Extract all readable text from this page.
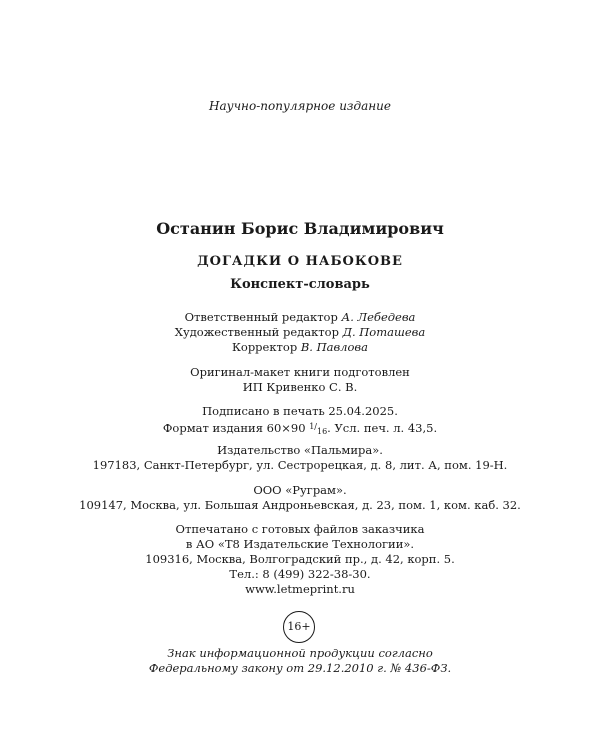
Научно-популярное издание
Останин Борис Владимирович
ДОГАДКИ О НАБОКОВЕ
Конспект-словарь
Ответственный редактор А. Лебедева
Художественный редактор Д. Поташева
Корректор В. Павлова
Оригинал-макет книги подготовлен
ИП Кривенко С. В.
Подписано в печать 25.04.2025.
Формат издания 60×90 $^{1/}$16. Усл. печ. л. 43,5.
Издательство «Пальмира».
197183, Санкт-Петербург, ул. Сестрорецкая, д. 8, лит. А, пом. 19-Н.
ООО «Руграм».
109147, Москва, ул. Большая Андроньевская, д. 23, пом. 1, ком. каб. 32.
Отпечатано с готовых файлов заказчика
в АО «Т8 Издательские Технологии».
109316, Москва, Волгоградский пр., д. 42, корп. 5.
Тел.: 8 (499) 322-38-30.
www.letmeprint.ru
16+
Знак информационной продукции согласно
Федеральному закону от 29.12.2010 г. № 436-ФЗ.
